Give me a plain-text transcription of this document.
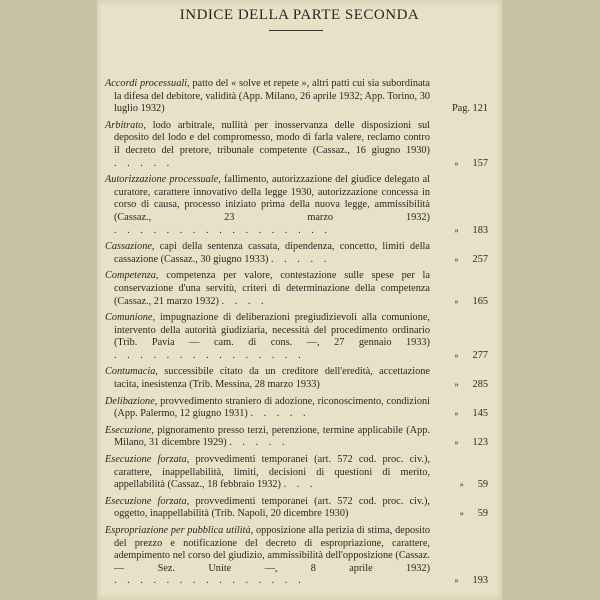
INDICE DELLA PARTE SECONDA
Accordi processuali, patto del « solve et repete », altri patti cui sia subordinata la difesa del debitore, validità (App. Milano, 26 aprile 1932; App. Torino, 30 luglio 1932)	Pag. 121
Arbitrato, lodo arbitrale, nullità per inosservanza delle disposizioni sul deposito del lodo e del compromesso, modo di farla valere, reclamo contro il decreto del pretore, tribunale competente (Cassaz., 16 giugno 1930) . . . . .	» 157
Autorizzazione processuale, fallimento, autorizzazione del giudice delegato al curatore, carattere innovativo della legge 1930, autorizzazione concessa in corso di causa, processo iniziato prima della nuova legge, ammissibilità (Cassaz., 23 marzo 1932) . . . . . . . . . . . . . . . . .	» 183
Cassazione, capi della sentenza cassata, dipendenza, concetto, limiti della cassazione (Cassaz., 30 giugno 1933) . . . . .	» 257
Competenza, competenza per valore, contestazione sulle spese per la conservazione d'una servitù, criteri di determinazione della competenza (Cassaz., 21 marzo 1932) . . . .	» 165
Comunione, impugnazione di deliberazioni pregiudizievoli alla comunione, intervento della autorità giudiziaria, necessità del procedimento ordinario (Trib. Pavia — cam. di cons. —, 27 gennaio 1933) . . . . . . . . . . . . . . .	» 277
Contumacia, successibile citato da un creditore dell'eredità, accettazione tacita, inesistenza (Trib. Messina, 28 marzo 1933)	» 285
Delibazione, provvedimento straniero di adozione, riconoscimento, condizioni (App. Palermo, 12 giugno 1931) . . . . .	» 145
Esecuzione, pignoramento presso terzi, perenzione, termine applicabile (App. Milano, 31 dicembre 1929) . . . . .	» 123
Esecuzione forzata, provvedimenti temporanei (art. 572 cod. proc. civ.), carattere, inappellabilità, limiti, decisioni di questioni di merito, appellabilità (Cassaz., 18 febbraio 1932) . . .	» 59
Esecuzione forzata, provvedimenti temporanei (art. 572 cod. proc. civ.), oggetto, inappellabilità (Trib. Napoli, 20 dicembre 1930)	» 59
Espropriazione per pubblica utilità, opposizione alla perizia di stima, deposito del prezzo e notificazione del decreto di espropriazione, carattere, adempimento nel corso del giudizio, ammissibilità dell'opposizione (Cassaz. — Sez. Unite —, 8 aprile 1932) . . . . . . . . . . . . . . .	» 193
